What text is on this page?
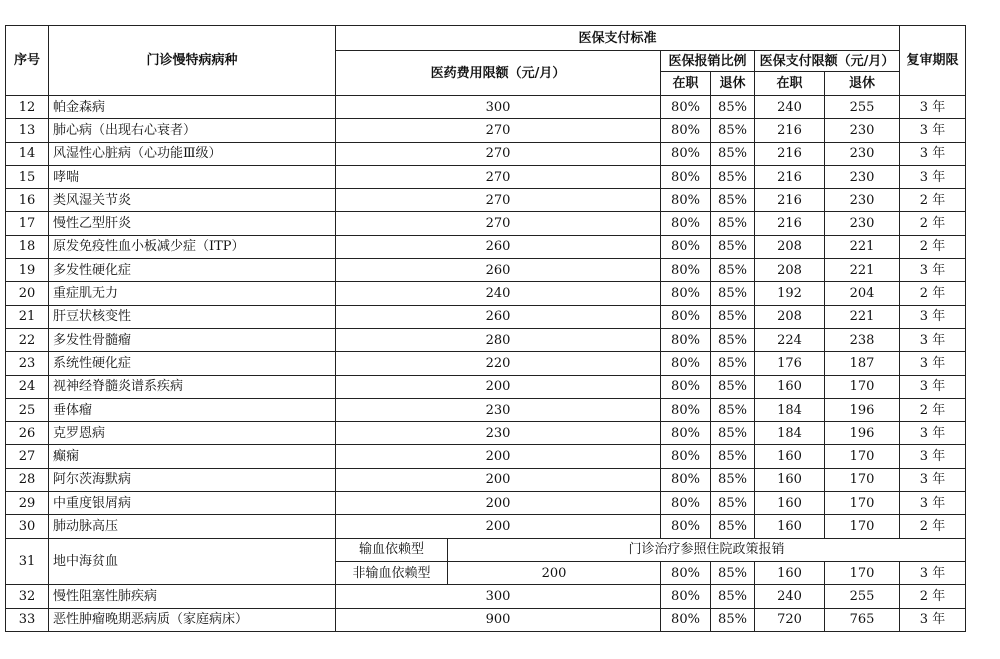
序号	门诊慢特病病种	医保支付标准						复审期限
		医药费用限额（元/月）		医保报销比例		医保支付限额（元/月）		
				在职	退休	在职	退休	
12	帕金森病	300		80%	85%	240	255	3 年
13	肺心病（出现右心衰者）	270		80%	85%	216	230	3 年
14	风湿性心脏病（心功能Ⅲ级）	270		80%	85%	216	230	3 年
15	哮喘	270		80%	85%	216	230	3 年
16	类风湿关节炎	270		80%	85%	216	230	2 年
17	慢性乙型肝炎	270		80%	85%	216	230	2 年
18	原发免疫性血小板减少症（ITP）	260		80%	85%	208	221	2 年
19	多发性硬化症	260		80%	85%	208	221	3 年
20	重症肌无力	240		80%	85%	192	204	2 年
21	肝豆状核变性	260		80%	85%	208	221	3 年
22	多发性骨髓瘤	280		80%	85%	224	238	3 年
23	系统性硬化症	220		80%	85%	176	187	3 年
24	视神经脊髓炎谱系疾病	200		80%	85%	160	170	3 年
25	垂体瘤	230		80%	85%	184	196	2 年
26	克罗恩病	230		80%	85%	184	196	3 年
27	癫痫	200		80%	85%	160	170	3 年
28	阿尔茨海默病	200		80%	85%	160	170	3 年
29	中重度银屑病	200		80%	85%	160	170	3 年
30	肺动脉高压	200		80%	85%	160	170	2 年
31	地中海贫血	输血依赖型	门诊治疗参照住院政策报销					
		非输血依赖型	200	80%	85%	160	170	3 年
32	慢性阻塞性肺疾病	300		80%	85%	240	255	2 年
33	恶性肿瘤晚期恶病质（家庭病床）	900		80%	85%	720	765	3 年
